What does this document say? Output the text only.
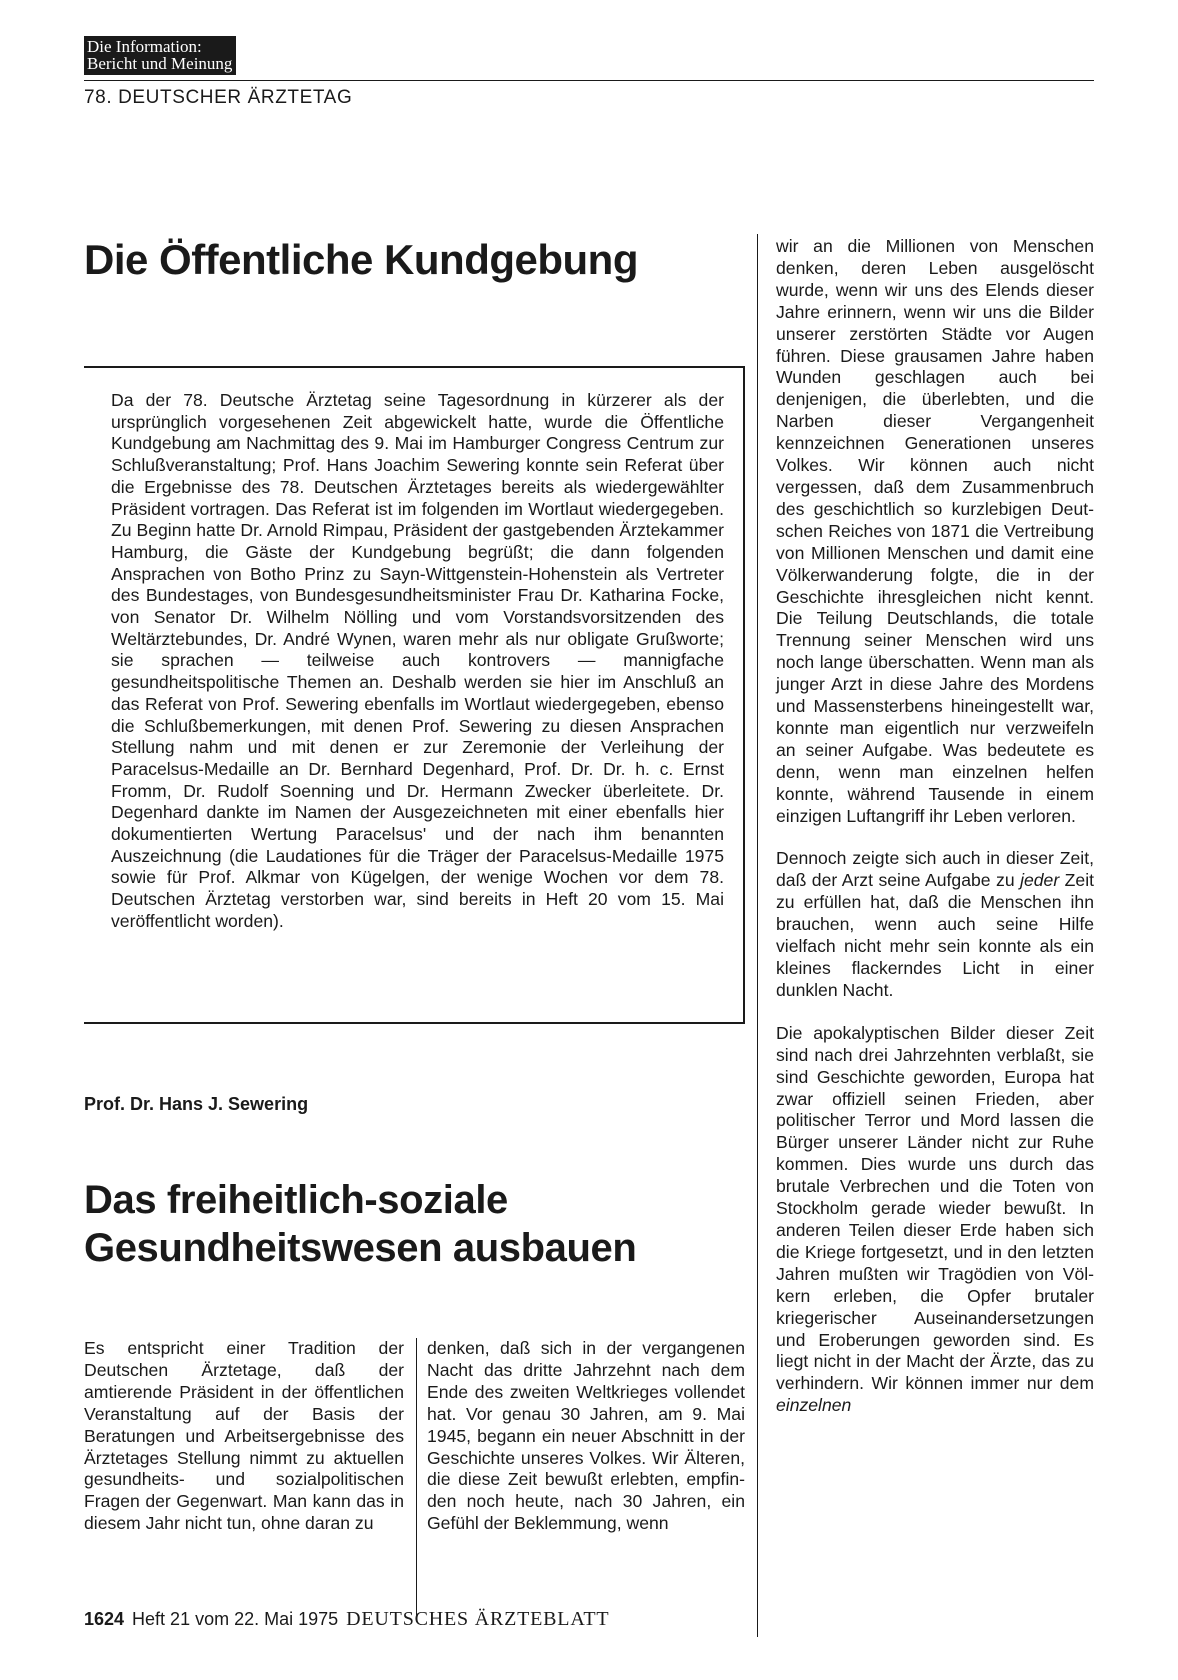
Die Information:
Bericht und Meinung
78. DEUTSCHER ÄRZTETAG
Die Öffentliche Kundgebung

Da der 78. Deutsche Ärztetag seine Tagesordnung in kürzerer als der ursprünglich vorgesehenen Zeit abgewickelt hatte, wurde die Öffentliche Kundgebung am Nachmittag des 9. Mai im Hamburger Congress Centrum zur Schlußveranstaltung; Prof. Hans Joachim Sewering konnte sein Referat über die Ergebnisse des 78. Deutschen Ärztetages bereits als wiedergewählter Präsident vortragen. Das Referat ist im folgenden im Wortlaut wiedergegeben. Zu Beginn hatte Dr. Arnold Rimpau, Präsident der gastgebenden Ärztekammer Hamburg, die Gäste der Kundgebung begrüßt; die dann folgenden Ansprachen von Botho Prinz zu Sayn-Wittgenstein-Hohenstein als Vertreter des Bundestages, von Bundesgesundheitsminister Frau Dr. Katharina Focke, von Senator Dr. Wilhelm Nölling und vom Vorstandsvorsitzenden des Weltärztebundes, Dr. André Wynen, waren mehr als nur obligate Grußworte; sie sprachen — teilweise auch kontrovers — mannigfache gesundheitspolitische Themen an. Deshalb werden sie hier im Anschluß an das Referat von Prof. Sewering ebenfalls im Wortlaut wiedergegeben, ebenso die Schlußbemerkungen, mit denen Prof. Sewering zu diesen Ansprachen Stellung nahm und mit denen er zur Zeremonie der Verleihung der Paracelsus-Medaille an Dr. Bernhard Degenhard, Prof. Dr. Dr. h. c. Ernst Fromm, Dr. Rudolf Soenning und Dr. Hermann Zwecker überleitete. Dr. Degenhard dankte im Namen der Ausgezeichneten mit einer ebenfalls hier dokumentierten Wertung Paracelsus' und der nach ihm benannten Auszeichnung (die Laudationes für die Träger der Paracelsus-Medaille 1975 sowie für Prof. Alkmar von Kügelgen, der wenige Wochen vor dem 78. Deutschen Ärztetag verstorben war, sind bereits in Heft 20 vom 15. Mai veröffentlicht worden).

Prof. Dr. Hans J. Sewering

Das freiheitlich-soziale
Gesundheitswesen ausbauen

Es entspricht einer Tradition der Deutschen Ärztetage, daß der amtierende Präsident in der öffentlichen Veranstaltung auf der Basis der Beratungen und Arbeitsergebnisse des Ärztetages Stellung nimmt zu aktuellen gesundheits- und sozialpolitischen Fragen der Gegenwart. Man kann das in diesem Jahr nicht tun, ohne daran zu

denken, daß sich in der vergangenen Nacht das dritte Jahrzehnt nach dem Ende des zweiten Weltkrieges vollendet hat. Vor genau 30 Jahren, am 9. Mai 1945, begann ein neuer Abschnitt in der Geschichte unseres Volkes. Wir Älteren, die diese Zeit bewußt erlebten, empfinden noch heute, nach 30 Jahren, ein Gefühl der Beklemmung, wenn

wir an die Millionen von Menschen denken, deren Leben ausgelöscht wurde, wenn wir uns des Elends dieser Jahre erinnern, wenn wir uns die Bilder unserer zerstörten Städte vor Augen führen. Diese grausamen Jahre haben Wunden geschlagen auch bei denjenigen, die überlebten, und die Narben dieser Vergangenheit kennzeichnen Generationen unseres Volkes. Wir können auch nicht vergessen, daß dem Zusammenbruch des geschichtlich so kurzlebigen Deutschen Reiches von 1871 die Vertreibung von Millionen Menschen und damit eine Völkerwanderung folgte, die in der Geschichte ihresgleichen nicht kennt. Die Teilung Deutschlands, die totale Trennung seiner Menschen wird uns noch lange überschatten. Wenn man als junger Arzt in diese Jahre des Mordens und Massensterbens hineingestellt war, konnte man eigentlich nur verzweifeln an seiner Aufgabe. Was bedeutete es denn, wenn man einzelnen helfen konnte, während Tausende in einem einzigen Luftangriff ihr Leben verloren.

Dennoch zeigte sich auch in dieser Zeit, daß der Arzt seine Aufgabe zu jeder Zeit zu erfüllen hat, daß die Menschen ihn brauchen, wenn auch seine Hilfe vielfach nicht mehr sein konnte als ein kleines flackerndes Licht in einer dunklen Nacht.

Die apokalyptischen Bilder dieser Zeit sind nach drei Jahrzehnten verblaßt, sie sind Geschichte geworden, Europa hat zwar offiziell seinen Frieden, aber politischer Terror und Mord lassen die Bürger unserer Länder nicht zur Ruhe kommen. Dies wurde uns durch das brutale Verbrechen und die Toten von Stockholm gerade wieder bewußt. In anderen Teilen dieser Erde haben sich die Kriege fortgesetzt, und in den letzten Jahren mußten wir Tragödien von Völkern erleben, die Opfer brutaler kriegerischer Auseinandersetzungen und Eroberungen geworden sind. Es liegt nicht in der Macht der Ärzte, das zu verhindern. Wir können immer nur dem einzelnen

1624 Heft 21 vom 22. Mai 1975 DEUTSCHES ÄRZTEBLATT
